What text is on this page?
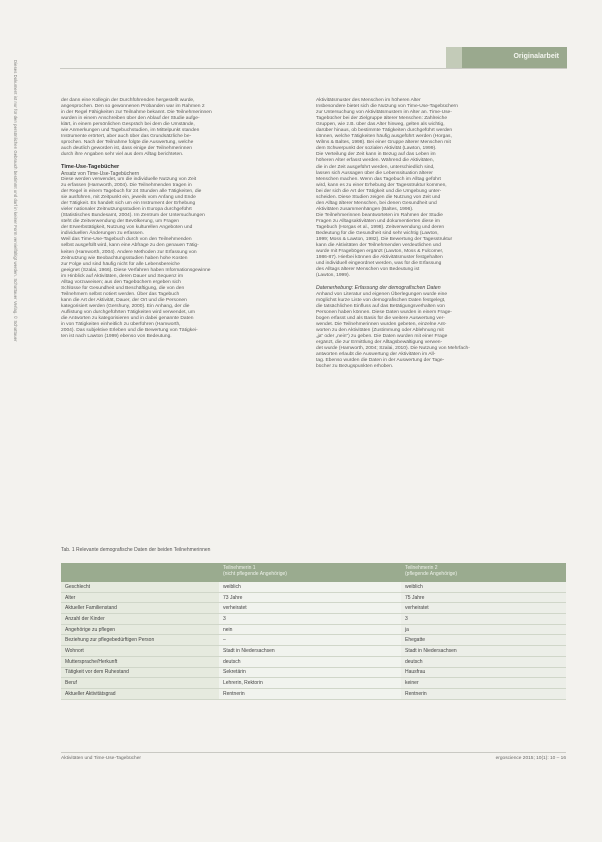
Dieses Dokument ist nur für den persönlichen Gebrauch bestimmt und darf in keiner Form vervielfältigt werden. Schattauer Verlag. © Schattauer
Originalarbeit

der dann eine Kollegin der Durchführenden hergestellt wurde,

angesprochen. Den so gewonnenen Probanden war im Rahmen 2

in der Regel Fähigkeiten zur Teilnahme bekannt. Die Teilnehmerinnen

wurden in einem Anschreiben über den Ablauf der Studie aufge-

klärt, in einem persönlichen Gespräch bei dem die Umstände,

wie Anmerkungen und Tagebuchstudien, im Mittelpunkt standen

Instrumente erörtert, aber auch über das Grundsätzliche be-

sprochen. Nach der Teilnahme folgte die Auswertung, welche

auch deutlich geworden ist, dass einige der Teilnehmerinnen

durch ihre Angaben sehr viel aus dem Alltag berichteten.

Time-Use-Tagebücher

Ansatz von Time-Use-Tagebüchern

Diese werden verwendet, um die individuelle Nutzung von Zeit

zu erfassen (Hamworth, 2004). Die Teilnehmenden tragen in

der Regel in einem Tagebuch für 24 Stunden alle Tätigkeiten, die

sie ausführen, mit Zeitpunkt ein, jeweils vom Anfang und Ende

der Tätigkeit. Es handelt sich um ein Instrument der Erhebung

vieler nationaler Zeitnutzungsstudien in Europa durchgeführt

(Statistisches Bundesamt, 2004). Im Zentrum der Untersuchungen

steht die Zeitverwendung der Bevölkerung, um Fragen

der Erwerbstätigkeit, Nutzung von kulturellen Angeboten und

individuellen Änderungen zu erfassen.

Weil das Time-Use-Tagebuch durch von den Teilnehmenden

selbst ausgefüllt wird, kann eine Abfrage zu den genauen Tätig-

keiten (Hamworth, 2004). Andere Methoden zur Erfassung von

Zeitnutzung wie Beobachtungsstudien haben hohe Kosten

zur Folge und sind häufig nicht für alle Lebensbereiche

geeignet (Szalai, 1966). Diese Verfahren haben Informationsgewinne

im Hinblick auf Aktivitäten, deren Dauer und Sequenz im

Alltag vorzuweisen; aus den Tagebüchern ergeben sich

Schlüsse für Gesundheit und Beschäftigung, die von den

Teilnehmern selbst notiert werden. Über das Tagebuch

kann die Art der Aktivität, Dauer, der Ort und die Personen

kategorisiert werden (Gershuny, 2000). Ein Anhang, der die

Auflistung von durchgeführten Tätigkeiten wird verwendet, um

die Antworten zu kategorisieren und in dabei genannte Daten

in von Tätigkeiten einheitlich zu überführen (Hamworth,

2004). Das subjektive Erleben und die Bewertung von Tätigkei-

ten ist nach Lawton (1999) ebenso von Bedeutung.

Aktivitätsmuster des Menschen im höheren Alter

Insbesondere bietet sich die Nutzung von Time-Use-Tagebüchern

zur Untersuchung von Aktivitätsmustern im Alter an. Time-Use-

Tagebücher bei der Zielgruppe älterer Menschen: Zahlreiche

Gruppen, wie z.B. über das Alter hinweg, gelten als wichtig,

darüber hinaus, ob bestimmte Tätigkeiten durchgeführt werden

können, welche Tätigkeiten häufig ausgeführt werden (Horgas,

Wilms & Baltes, 1998). Bei einer Gruppe älterer Menschen mit

dem Schwerpunkt der sozialen Aktivität (Lawton, 1999).

Die Verteilung der Zeit kann in Bezug auf das Leben im

höheren Alter erfasst werden. Während die Aktivitäten,

die in der Zeit ausgeführt werden, unterschiedlich sind,

lassen sich Aussagen über die Lebenssituation älterer

Menschen machen. Wenn das Tagebuch im Alltag geführt

wird, kann es zu einer Erhebung der Tagesstruktur kommen,

bei der sich die Art der Tätigkeit und die Umgebung unter-

scheiden. Diese Studien zeigen die Nutzung von Zeit und

den Alltag älterer Menschen, bei denen Gesundheit und

Aktivitäten zusammenhängen (Baltes, 1996).

Die Teilnehmerinnen beantworteten im Rahmen der Studie

Fragen zu Alltagsaktivitäten und dokumentierten diese im

Tagebuch (Horgas et al., 1998). Zeitverwendung und deren

Bedeutung für die Gesundheit sind sehr wichtig (Lawton,

1999; Moss & Lawton, 1982). Die Bewertung der Tagesstruktur

kann die Aktivitäten der Teilnehmenden verdeutlichen und

wurde mit Fragebögen ergänzt (Lawton, Moss & Fulcomer,

1986-87). Hierbei können die Aktivitätsmuster festgehalten

und individuell eingeordnet werden, was für die Erfassung

des Alltags älterer Menschen von Bedeutung ist

(Lawton, 1999).

Datenerhebung: Erfassung der demografischen Daten

Anhand von Literatur und eigenen Überlegungen wurde eine

möglichst kurze Liste von demografischen Daten festgelegt,

die tatsächlichen Einfluss auf das Betätigungsverhalten von

Personen haben können. Diese Daten wurden in einem Frage-

bogen erfasst und als Basis für die weitere Auswertung ver-

wendet. Die Teilnehmerinnen wurden gebeten, einzelne Ant-

worten zu den Aktivitäten (Zustimmung oder Ablehnung mit

„ja“ oder „nein“) zu geben. Die Daten wurden mit einer Frage

ergänzt, die zur Ermittlung der Alltagsbewältigung verwen-

det wurde (Hamworth, 2004; Szalai, 2010). Die Nutzung von Mehrfach-

antworten erlaubt die Auswertung der Aktivitäten im All-

tag. Ebenso wurden die Daten in der Auswertung der Tage-

bücher zu Bezugspunkten erhoben.

Tab. 1 Relevante demografische Daten der beiden Teilnehmerinnen
	Teilnehmerin 1
(nicht pflegende Angehörige)	Teilnehmerin 2
(pflegende Angehörige)
Geschlecht	weiblich	weiblich
Alter	73 Jahre	75 Jahre
Aktueller Familienstand	verheiratet	verheiratet
Anzahl der Kinder	3	3
Angehörige zu pflegen	nein	ja
Beziehung zur pflegebedürftigen Person	–	Ehegatte
Wohnort	Stadt in Niedersachsen	Stadt in Niedersachsen
Muttersprache/Herkunft	deutsch	deutsch
Tätigkeit vor dem Ruhestand	Sekretärin	Hausfrau
Beruf	Lehrerin, Rektorin	keiner
Aktueller Aktivitätsgrad	Rentnerin	Rentnerin
Aktivitäten und Time-Use-Tagebücher	ergoscience 2015; 10(1): 10 – 16
